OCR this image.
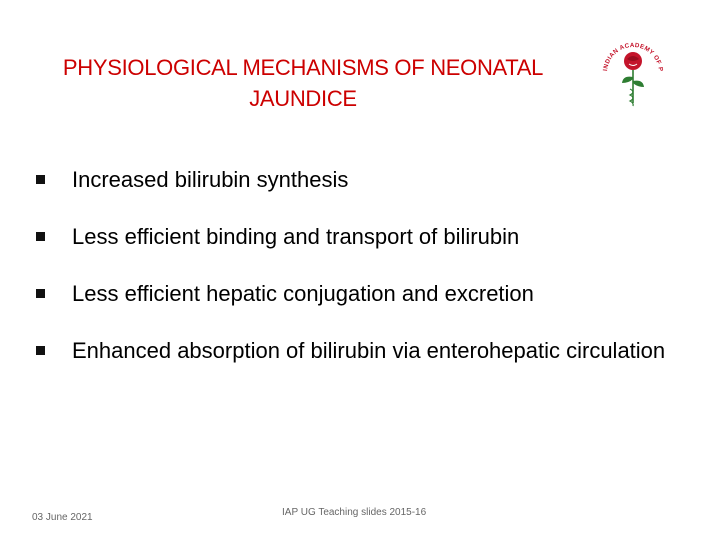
PHYSIOLOGICAL MECHANISMS OF NEONATAL
JAUNDICE
INDIAN ACADEMY OF P
Increased bilirubin synthesis
Less efficient binding and transport of bilirubin
Less efficient hepatic conjugation and excretion
Enhanced absorption of bilirubin via enterohepatic circulation
03 June 2021	IAP UG Teaching slides 2015-16
